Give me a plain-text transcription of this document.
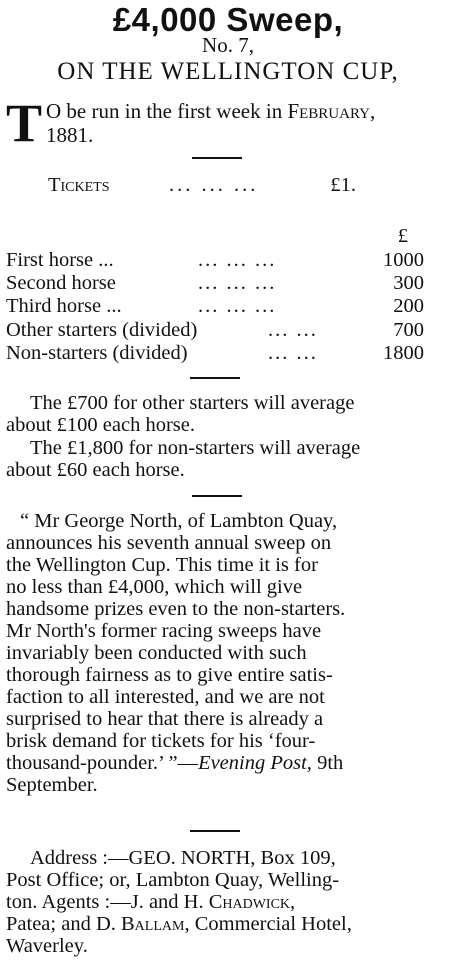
£4,000 Sweep,
No. 7,
ON THE WELLINGTON CUP,
T O be run in the first week in February,
1881.
Tickets	... ... ...	£1.
£
First horse ...	... ... ...	1000
Second horse	... ... ...	300
Third horse ...	... ... ...	200
Other starters (divided)	... ...	700
Non-starters (divided)	... ...	1800
The £700 for other starters will average
about £100 each horse.
The £1,800 for non-starters will average
about £60 each horse.
“ Mr George North, of Lambton Quay,
announces his seventh annual sweep on
the Wellington Cup. This time it is for
no less than £4,000, which will give
handsome prizes even to the non-starters.
Mr North's former racing sweeps have
invariably been conducted with such
thorough fairness as to give entire satis-
faction to all interested, and we are not
surprised to hear that there is already a
brisk demand for tickets for his ‘four-
thousand-pounder.’ ”—Evening Post, 9th
September.
Address :—GEO. NORTH, Box 109,
Post Office; or, Lambton Quay, Welling-
ton. Agents :—J. and H. Chadwick,
Patea; and D. Ballam, Commercial Hotel,
Waverley.
